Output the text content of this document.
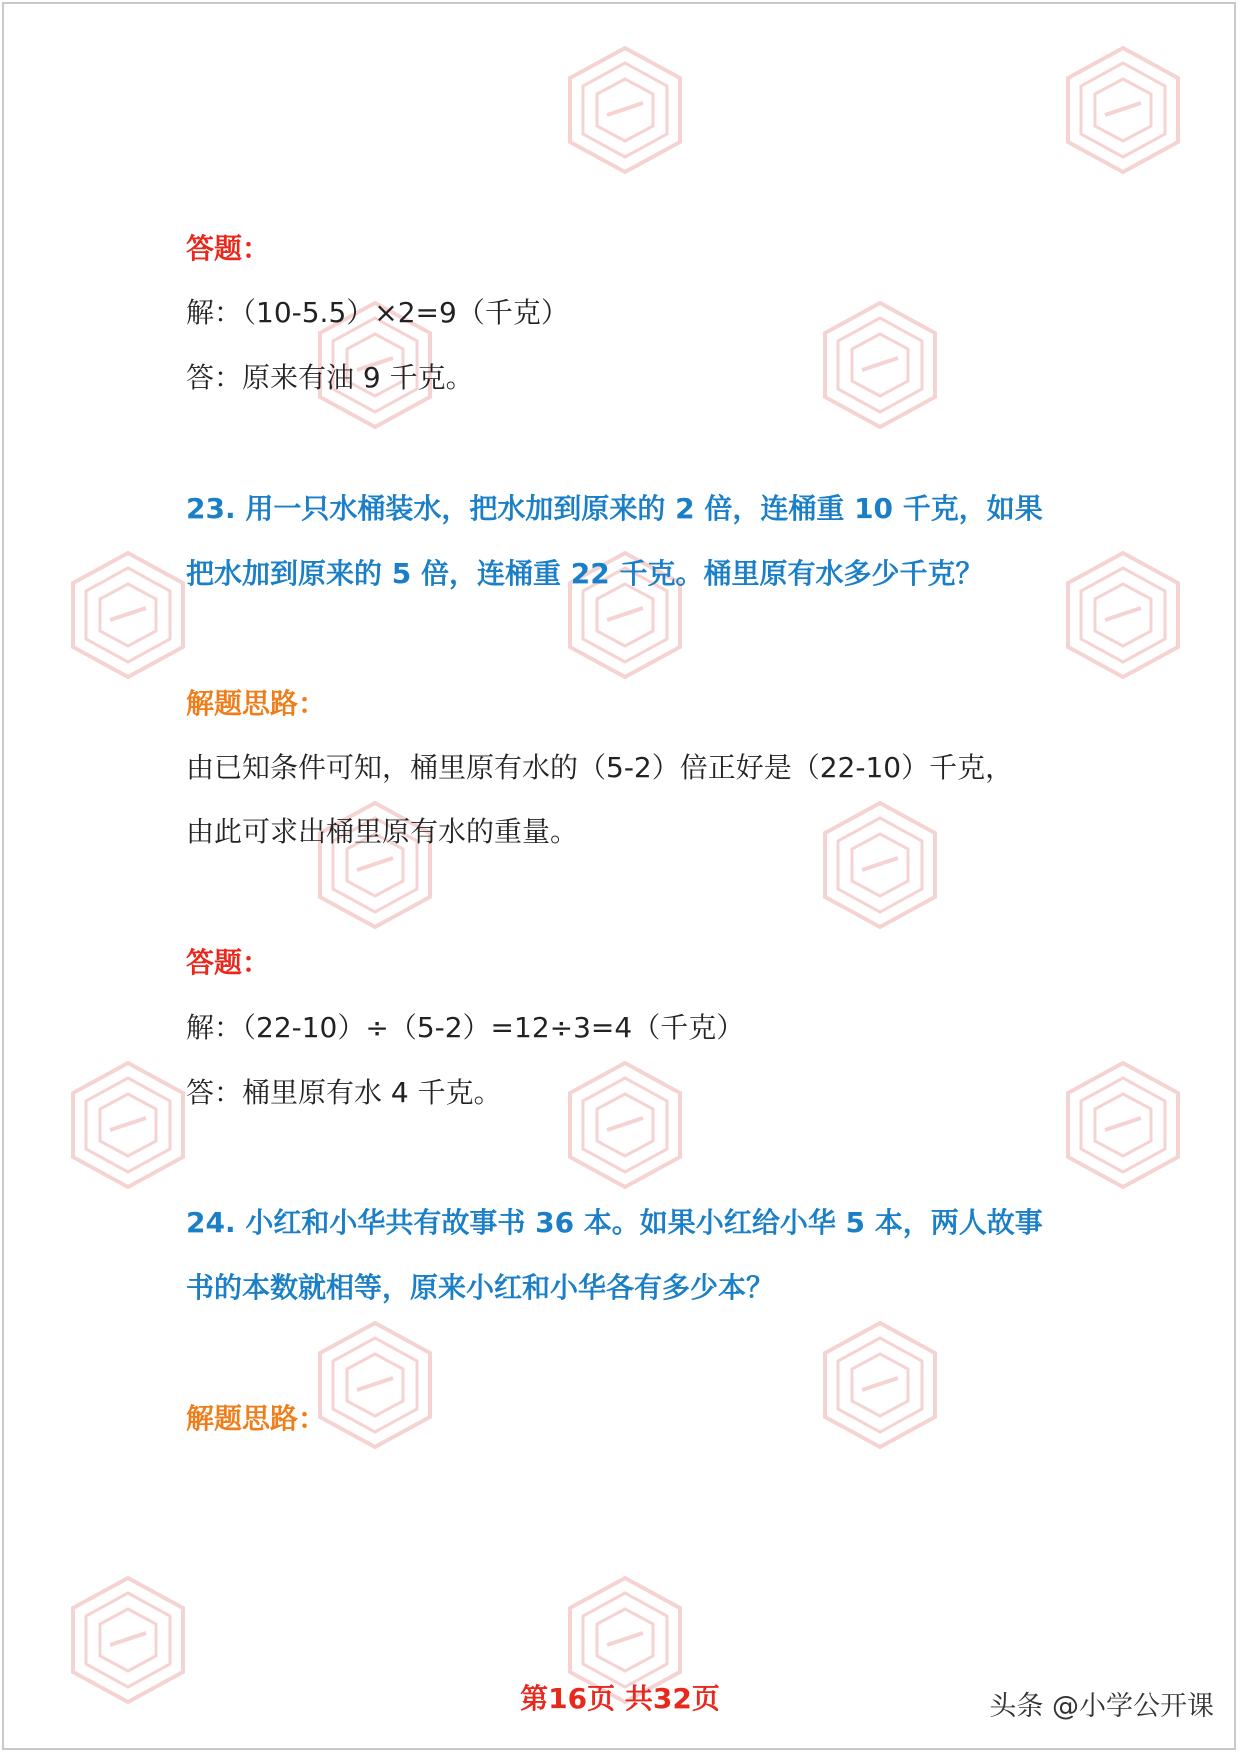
答题：
解：（10-5.5）×2=9（千克）
答：原来有油 9 千克。
23. 用一只水桶装水，把水加到原来的 2 倍，连桶重 10 千克，如果
把水加到原来的 5 倍，连桶重 22 千克。桶里原有水多少千克？
解题思路：
由已知条件可知，桶里原有水的（5-2）倍正好是（22-10）千克，
由此可求出桶里原有水的重量。
答题：
解：（22-10）÷（5-2）=12÷3=4（千克）
答：桶里原有水 4 千克。
24. 小红和小华共有故事书 36 本。如果小红给小华 5 本，两人故事
书的本数就相等，原来小红和小华各有多少本？
解题思路：
第16页 共32页	头条 @小学公开课
